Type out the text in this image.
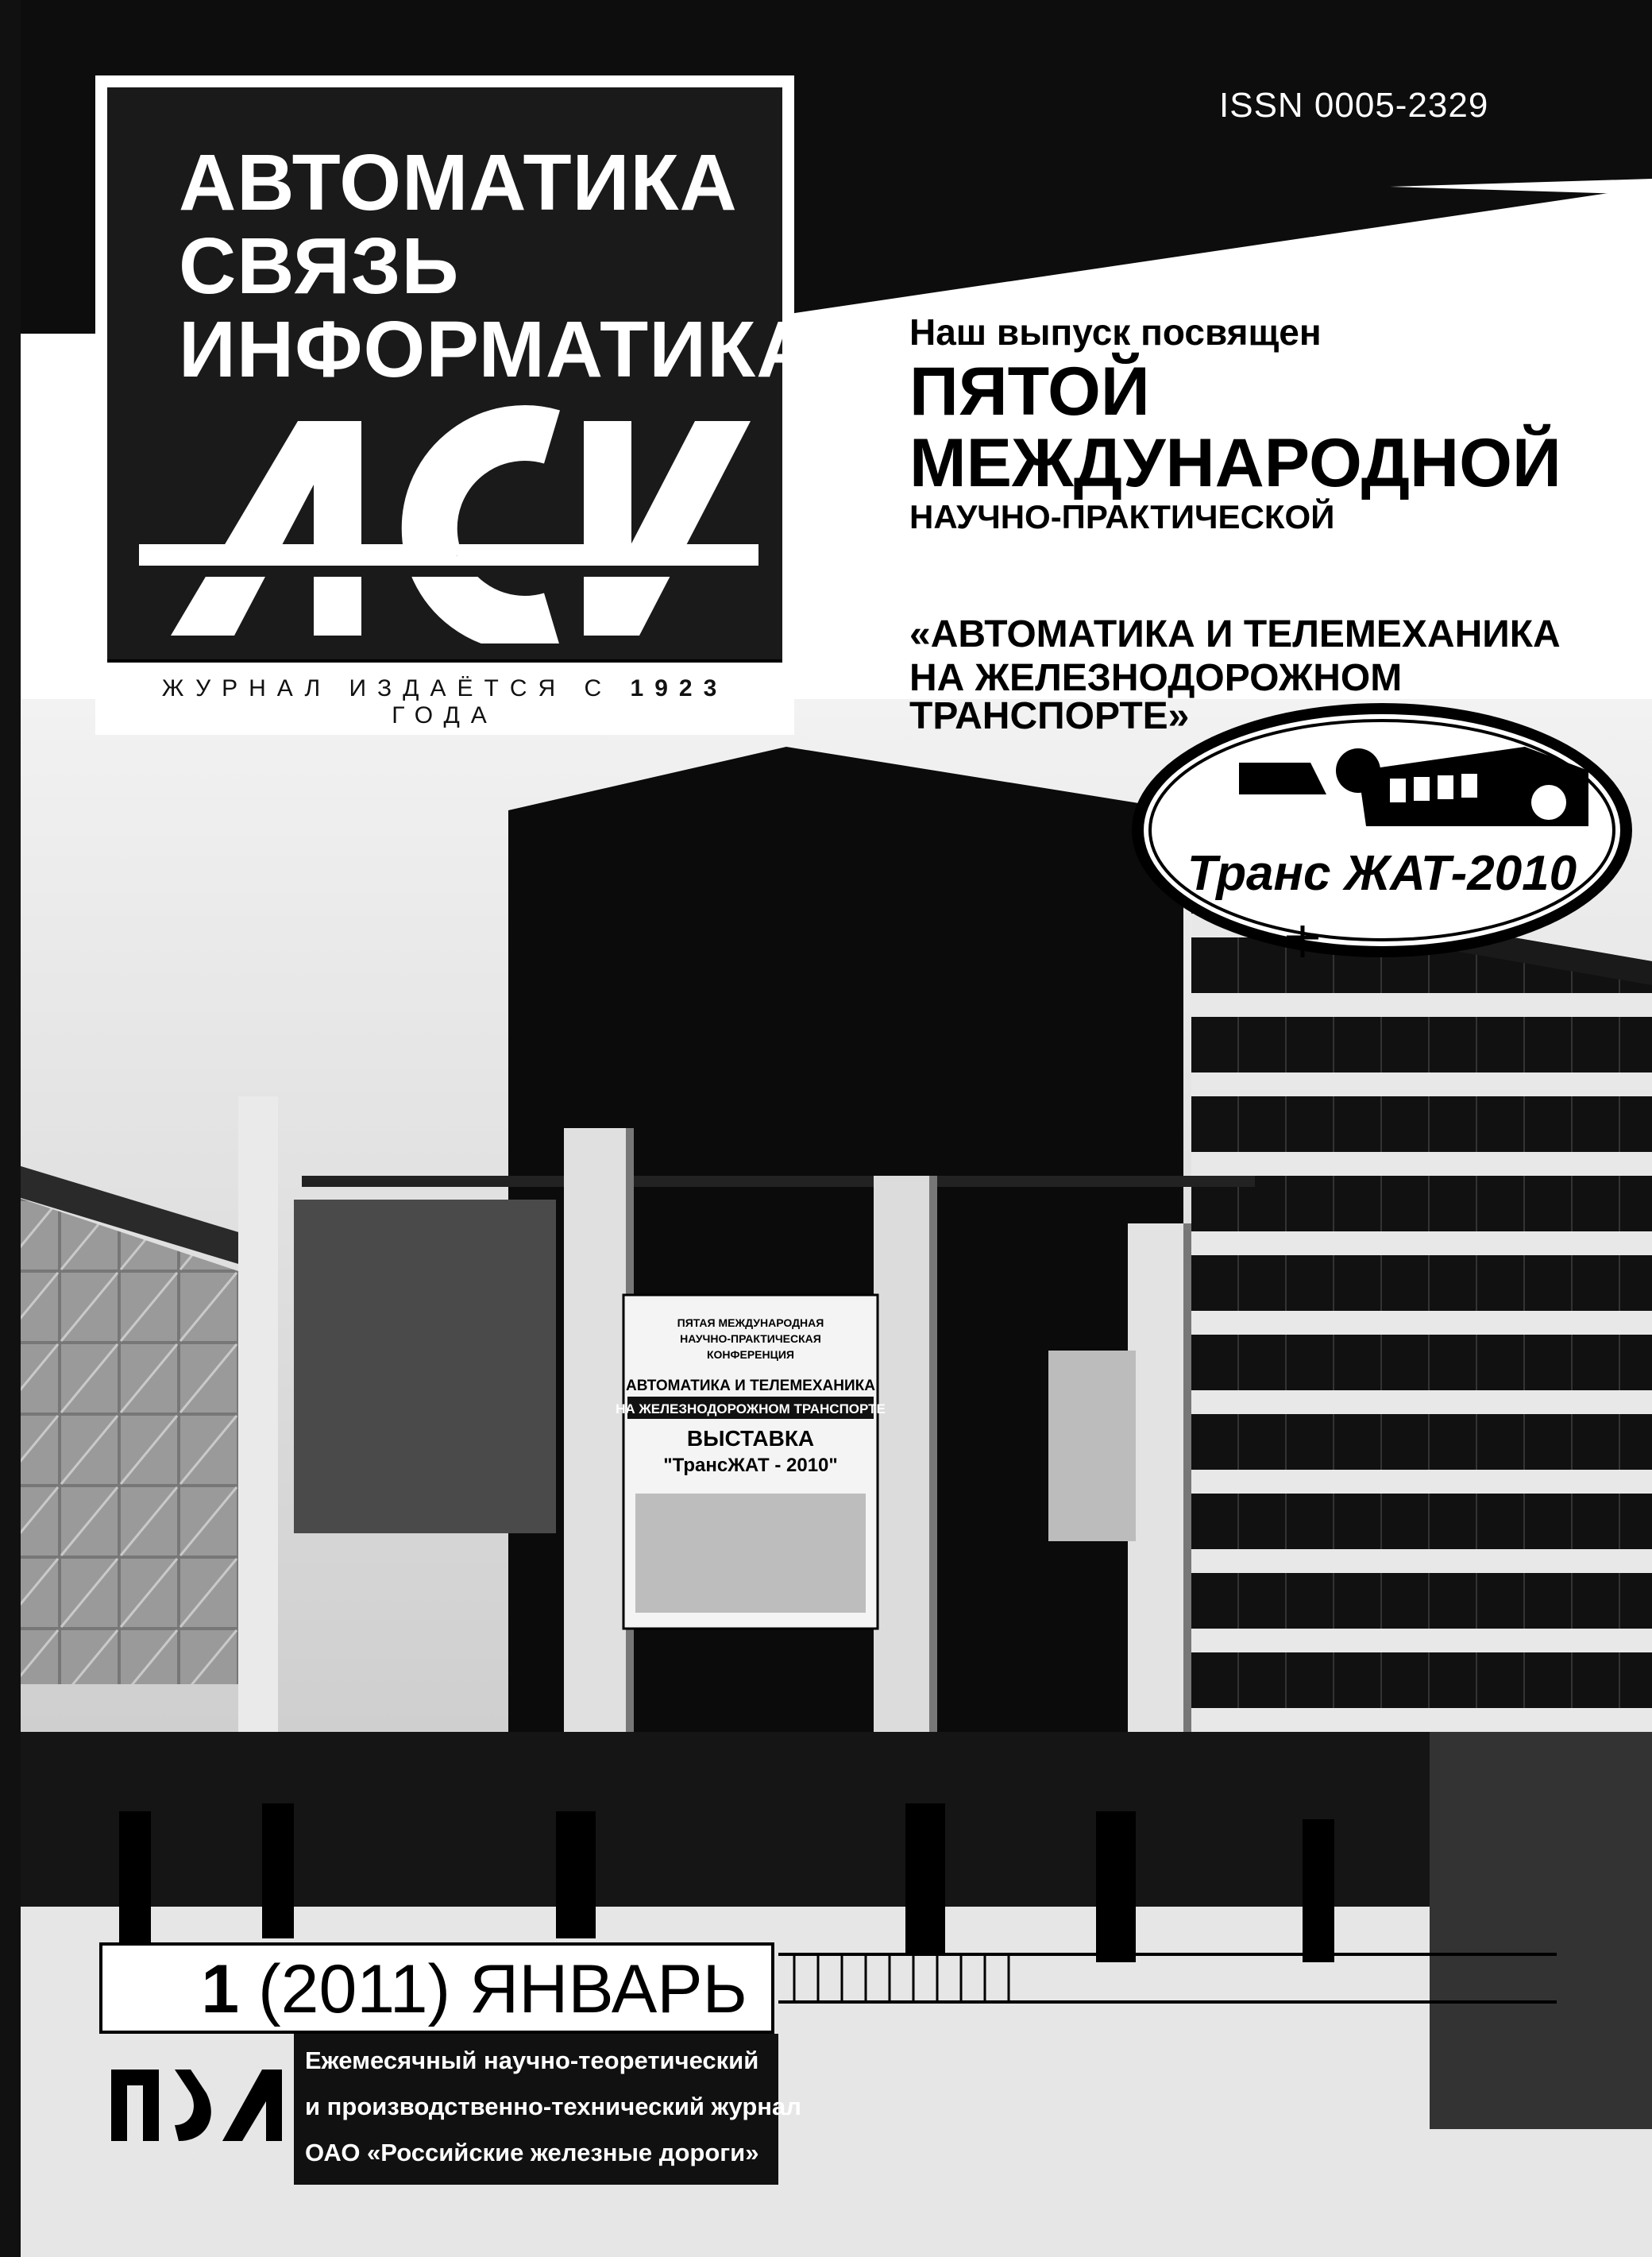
ПЯТАЯ МЕЖДУНАРОДНАЯ
НАУЧНО-ПРАКТИЧЕСКАЯ
КОНФЕРЕНЦИЯ
АВТОМАТИКА И ТЕЛЕМЕХАНИКА
НА ЖЕЛЕЗНОДОРОЖНОМ ТРАНСПОРТЕ
ВЫСТАВКА
"ТрансЖАТ - 2010"
АВТОМАТИКА
СВЯЗЬ
ИНФОРМАТИКА
АСИ
ЖУРНАЛ ИЗДАЁТСЯ С 1923 ГОДА
ISSN 0005-2329
Наш выпуск посвящен
ПЯТОЙ
МЕЖДУНАРОДНОЙ
НАУЧНО-ПРАКТИЧЕСКОЙ
«АВТОМАТИКА И ТЕЛЕМЕХАНИКА
НА ЖЕЛЕЗНОДОРОЖНОМ ТРАНСПОРТЕ»
Транс ЖАТ-2010
1 (2011) ЯНВАРЬ
РЖД
Ежемесячный научно-теоретический
и производственно-технический журнал
ОАО «Российские железные дороги»
